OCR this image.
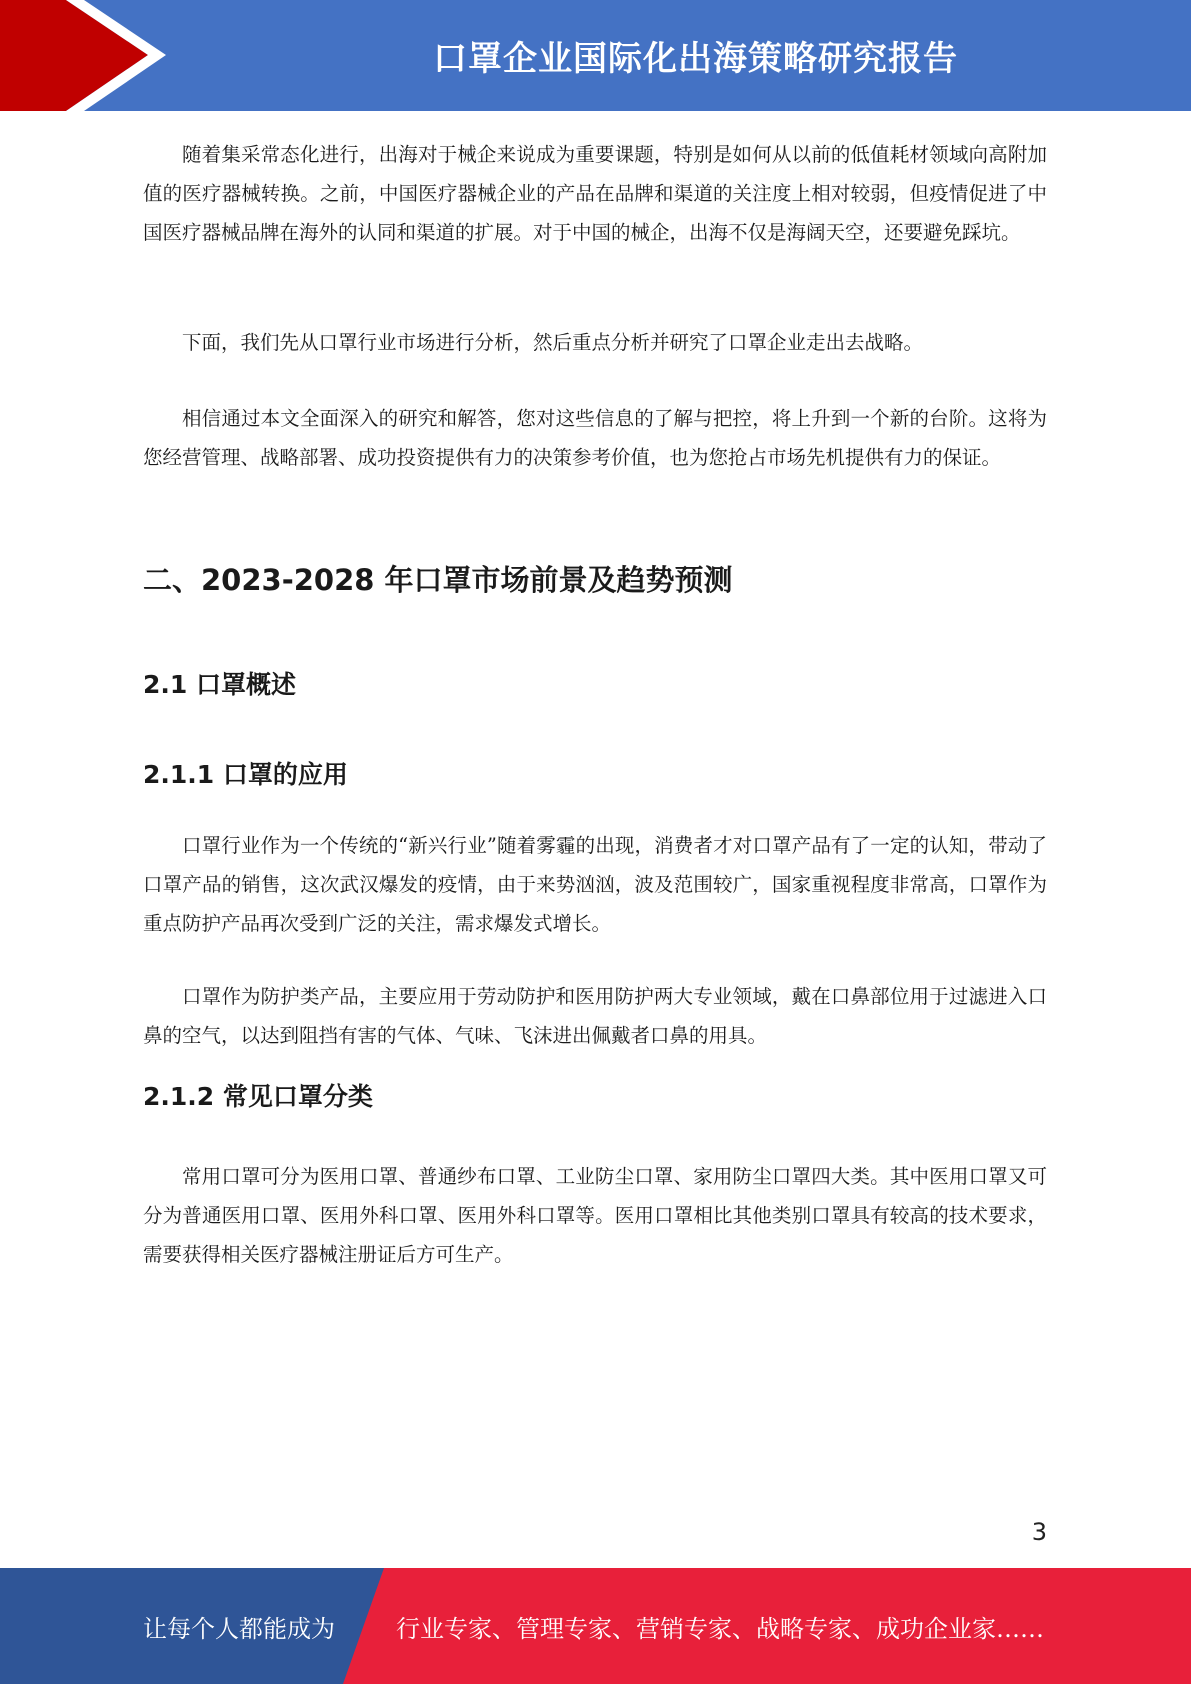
口罩企业国际化出海策略研究报告

随着集采常态化进行，出海对于械企来说成为重要课题，特别是如何从以前的低值耗材领域向高附加值的医疗器械转换。之前，中国医疗器械企业的产品在品牌和渠道的关注度上相对较弱，但疫情促进了中国医疗器械品牌在海外的认同和渠道的扩展。对于中国的械企，出海不仅是海阔天空，还要避免踩坑。

下面，我们先从口罩行业市场进行分析，然后重点分析并研究了口罩企业走出去战略。

相信通过本文全面深入的研究和解答，您对这些信息的了解与把控，将上升到一个新的台阶。这将为您经营管理、战略部署、成功投资提供有力的决策参考价值，也为您抢占市场先机提供有力的保证。

二、2023-2028 年口罩市场前景及趋势预测
2.1 口罩概述
2.1.1 口罩的应用

口罩行业作为一个传统的“新兴行业”随着雾霾的出现，消费者才对口罩产品有了一定的认知，带动了口罩产品的销售，这次武汉爆发的疫情，由于来势汹汹，波及范围较广，国家重视程度非常高，口罩作为重点防护产品再次受到广泛的关注，需求爆发式增长。

口罩作为防护类产品，主要应用于劳动防护和医用防护两大专业领域，戴在口鼻部位用于过滤进入口鼻的空气，以达到阻挡有害的气体、气味、飞沫进出佩戴者口鼻的用具。

2.1.2 常见口罩分类

常用口罩可分为医用口罩、普通纱布口罩、工业防尘口罩、家用防尘口罩四大类。其中医用口罩又可分为普通医用口罩、医用外科口罩、医用外科口罩等。医用口罩相比其他类别口罩具有较高的技术要求，需要获得相关医疗器械注册证后方可生产。

3
让每个人都能成为	行业专家、管理专家、营销专家、战略专家、成功企业家……
